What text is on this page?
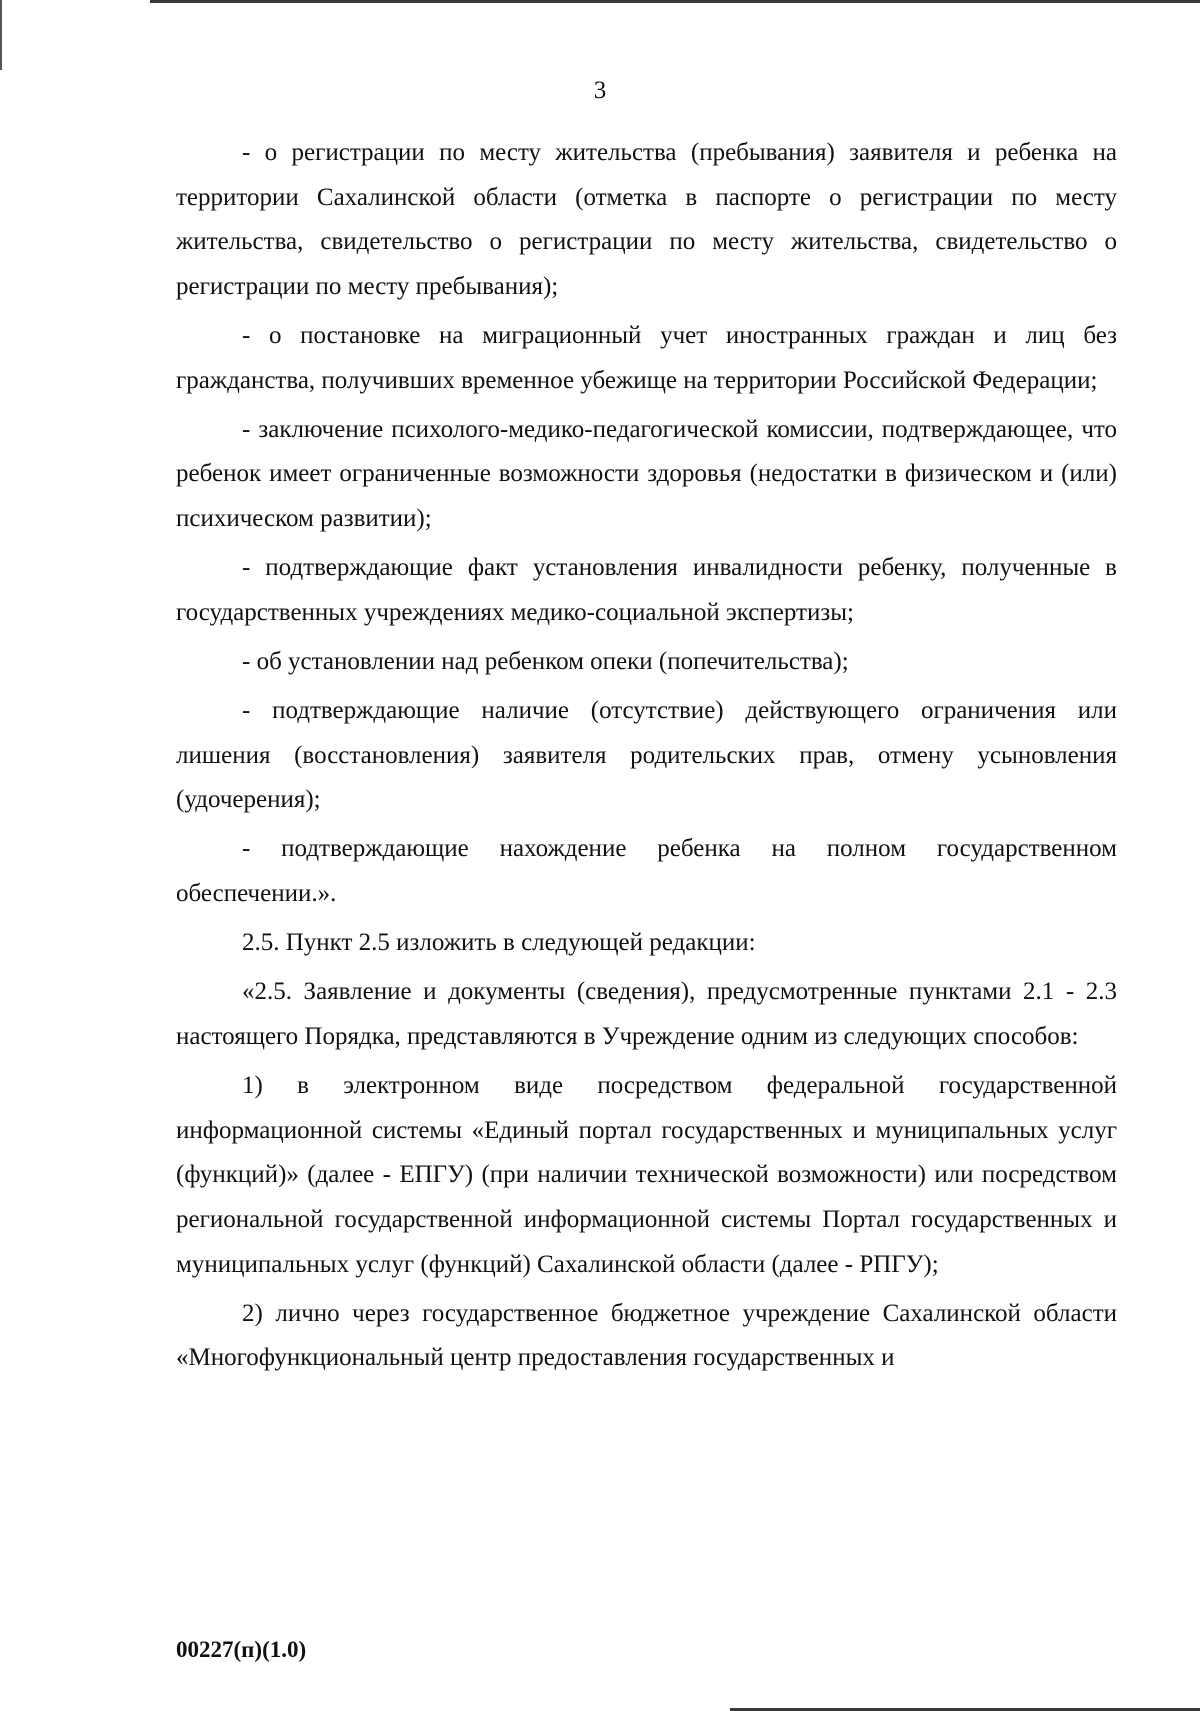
3

- о регистрации по месту жительства (пребывания) заявителя и ребенка на территории Сахалинской области (отметка в паспорте о регистрации по месту жительства, свидетельство о регистрации по месту жительства, свидетельство о регистрации по месту пребывания);

- о постановке на миграционный учет иностранных граждан и лиц без гражданства, получивших временное убежище на территории Российской Федерации;

- заключение психолого-медико-педагогической комиссии, подтверждающее, что ребенок имеет ограниченные возможности здоровья (недостатки в физическом и (или) психическом развитии);

- подтверждающие факт установления инвалидности ребенку, полученные в государственных учреждениях медико-социальной экспертизы;

- об установлении над ребенком опеки (попечительства);

- подтверждающие наличие (отсутствие) действующего ограничения или лишения (восстановления) заявителя родительских прав, отмену усыновления (удочерения);

- подтверждающие нахождение ребенка на полном государственном обеспечении.».

2.5. Пункт 2.5 изложить в следующей редакции:

«2.5. Заявление и документы (сведения), предусмотренные пунктами 2.1 - 2.3 настоящего Порядка, представляются в Учреждение одним из следующих способов:

1) в электронном виде посредством федеральной государственной информационной системы «Единый портал государственных и муниципальных услуг (функций)» (далее - ЕПГУ) (при наличии технической возможности) или посредством региональной государственной информационной системы Портал государственных и муниципальных услуг (функций) Сахалинской области (далее - РПГУ);

2) лично через государственное бюджетное учреждение Сахалинской области «Многофункциональный центр предоставления государственных и

00227(п)(1.0)
